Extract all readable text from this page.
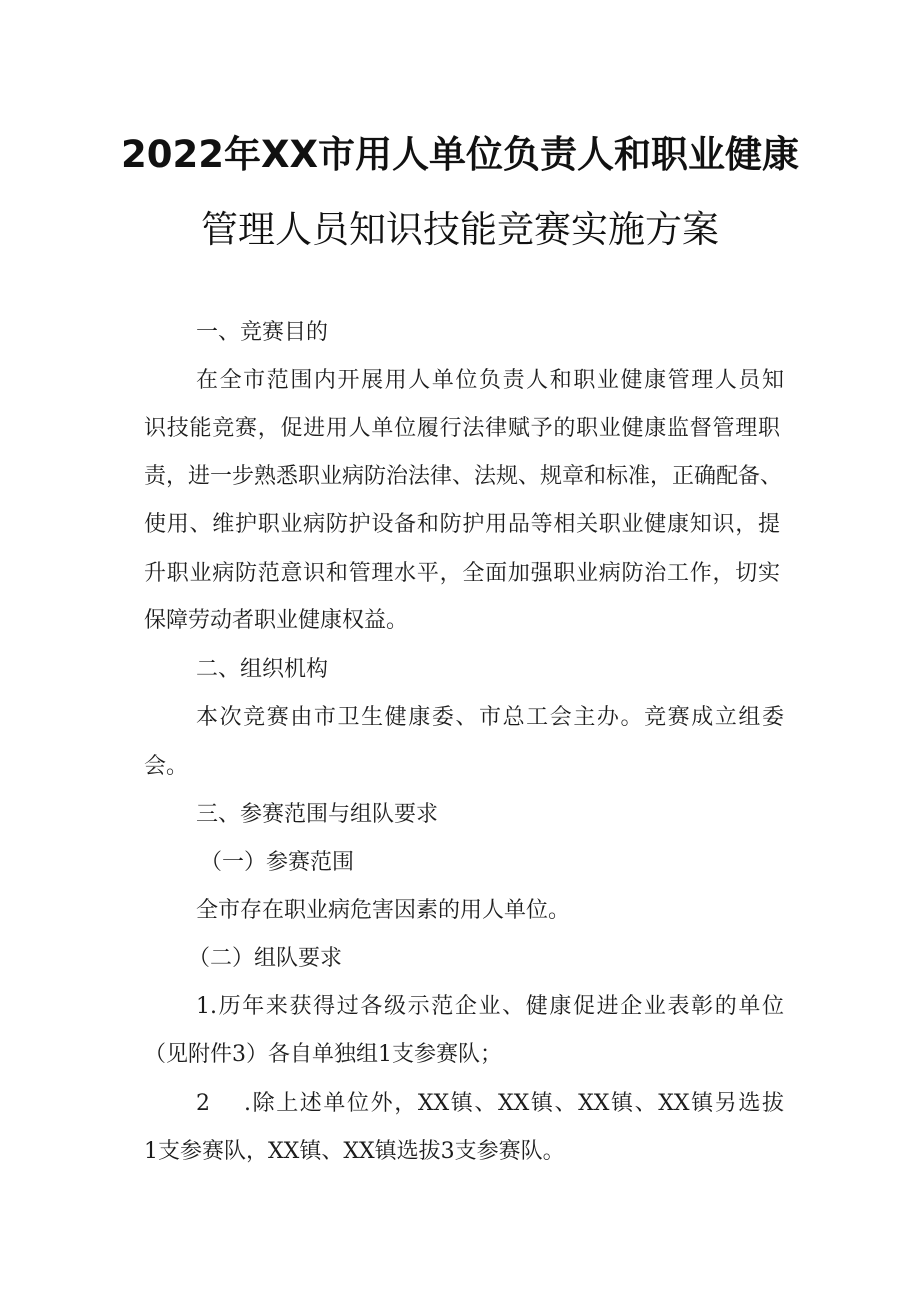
2022年XX市用人单位负责人和职业健康
管理人员知识技能竞赛实施方案
一、竞赛目的
在全市范围内开展用人单位负责人和职业健康管理人员知
识技能竞赛，促进用人单位履行法律赋予的职业健康监督管理职
责，进一步熟悉职业病防治法律、法规、规章和标准，正确配备、
使用、维护职业病防护设备和防护用品等相关职业健康知识，提
升职业病防范意识和管理水平，全面加强职业病防治工作，切实
保障劳动者职业健康权益。
二、组织机构
本次竞赛由市卫生健康委、市总工会主办。竞赛成立组委
会。
三、参赛范围与组队要求
（一）参赛范围
全市存在职业病危害因素的用人单位。
（二）组队要求
1.历年来获得过各级示范企业、健康促进企业表彰的单位
（见附件3）各自单独组1支参赛队；
2 .除上述单位外，XX镇、XX镇、XX镇、XX镇另选拔
1支参赛队，XX镇、XX镇选拔3支参赛队。
